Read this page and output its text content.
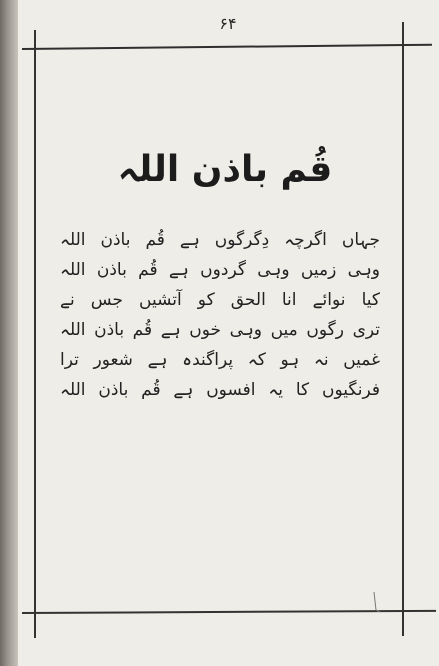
۶۴
قُم باذن اللہ
جہاں اگرچہ دِگرگوں ہے قُم باذن اللہ
وہی زمیں وہی گردوں ہے قُم باذن اللہ
کیا نوائے انا الحق کو آتشیں جس نے
تری رگوں میں وہی خوں ہے قُم باذن اللہ
غمیں نہ ہو کہ پراگندہ ہے شعور ترا
فرنگیوں کا یہ افسوں ہے قُم باذن اللہ
